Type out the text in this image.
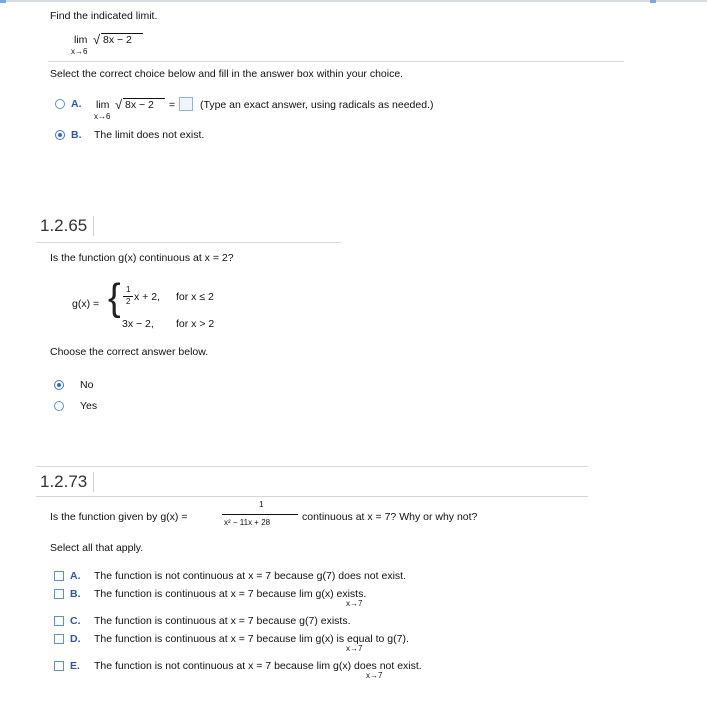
Find the indicated limit.
lim √ 8x − 2
x→6
Select the correct choice below and fill in the answer box within your choice.
A. lim √ 8x − 2 = (Type an exact answer, using radicals as needed.)
x→6
B. The limit does not exist.
1.2.65
Is the function g(x) continuous at x = 2?
g(x) = { 1
2 x + 2, for x ≤ 2
3x − 2, for x > 2
Choose the correct answer below.
No
Yes
1.2.73
Is the function given by g(x) =
1
x² − 11x + 28	continuous at x = 7? Why or why not?
Select all that apply.
A. The function is not continuous at x = 7 because g(7) does not exist.
B. The function is continuous at x = 7 because lim g(x) exists.
x→7
C. The function is continuous at x = 7 because g(7) exists.
D. The function is continuous at x = 7 because lim g(x) is equal to g(7).
x→7
E. The function is not continuous at x = 7 because lim g(x) does not exist.
x→7
